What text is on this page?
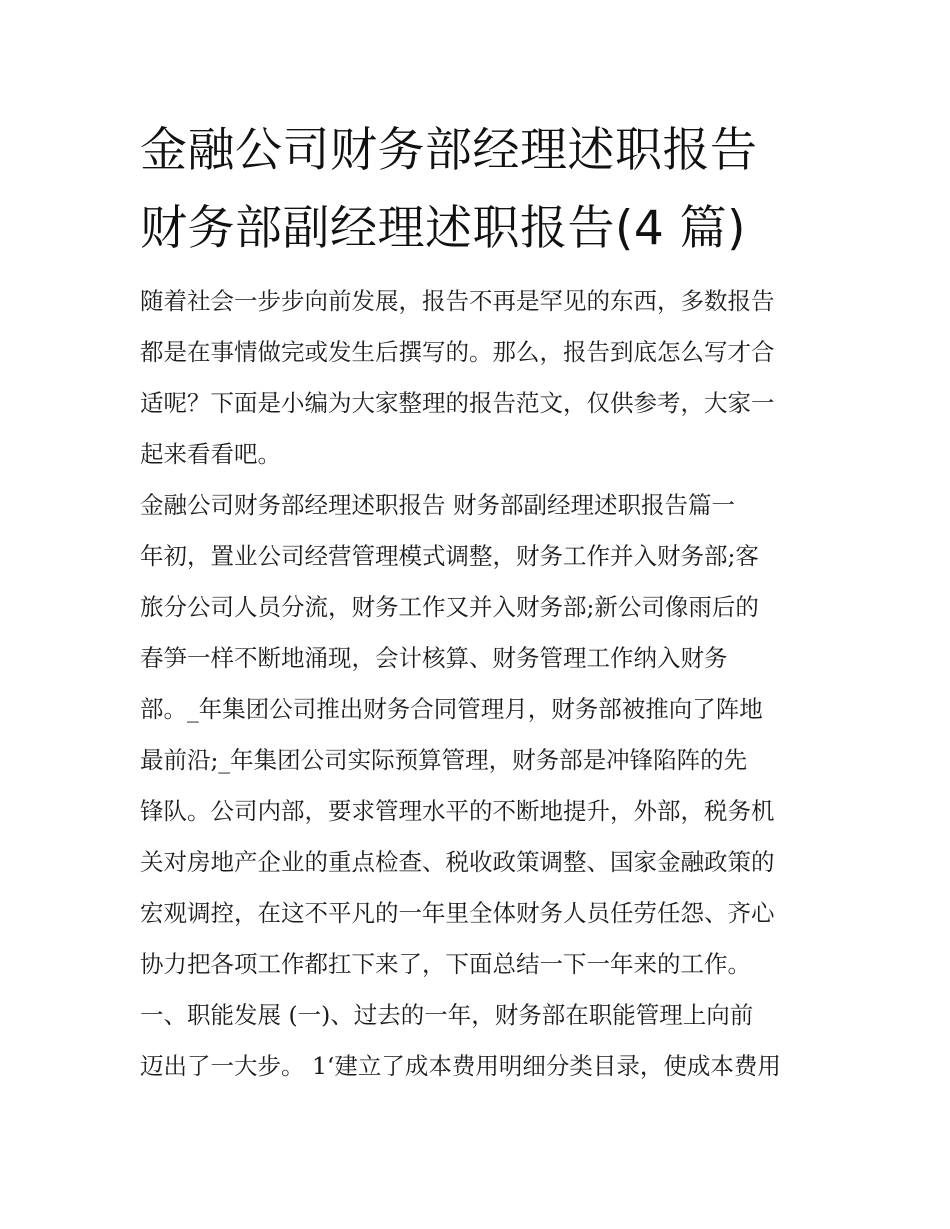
金融公司财务部经理述职报告
财务部副经理述职报告(4 篇)
随着社会一步步向前发展，报告不再是罕见的东西，多数报告
都是在事情做完或发生后撰写的。那么，报告到底怎么写才合
适呢？下面是小编为大家整理的报告范文，仅供参考，大家一
起来看看吧。
金融公司财务部经理述职报告 财务部副经理述职报告篇一
年初，置业公司经营管理模式调整，财务工作并入财务部;客
旅分公司人员分流，财务工作又并入财务部;新公司像雨后的
春笋一样不断地涌现，会计核算、财务管理工作纳入财务
部。_年集团公司推出财务合同管理月，财务部被推向了阵地
最前沿;_年集团公司实际预算管理，财务部是冲锋陷阵的先
锋队。公司内部，要求管理水平的不断地提升，外部，税务机
关对房地产企业的重点检查、税收政策调整、国家金融政策的
宏观调控，在这不平凡的一年里全体财务人员任劳任怨、齐心
协力把各项工作都扛下来了，下面总结一下一年来的工作。
一、职能发展 (一)、过去的一年，财务部在职能管理上向前
迈出了一大步。 1‘建立了成本费用明细分类目录，使成本费用
